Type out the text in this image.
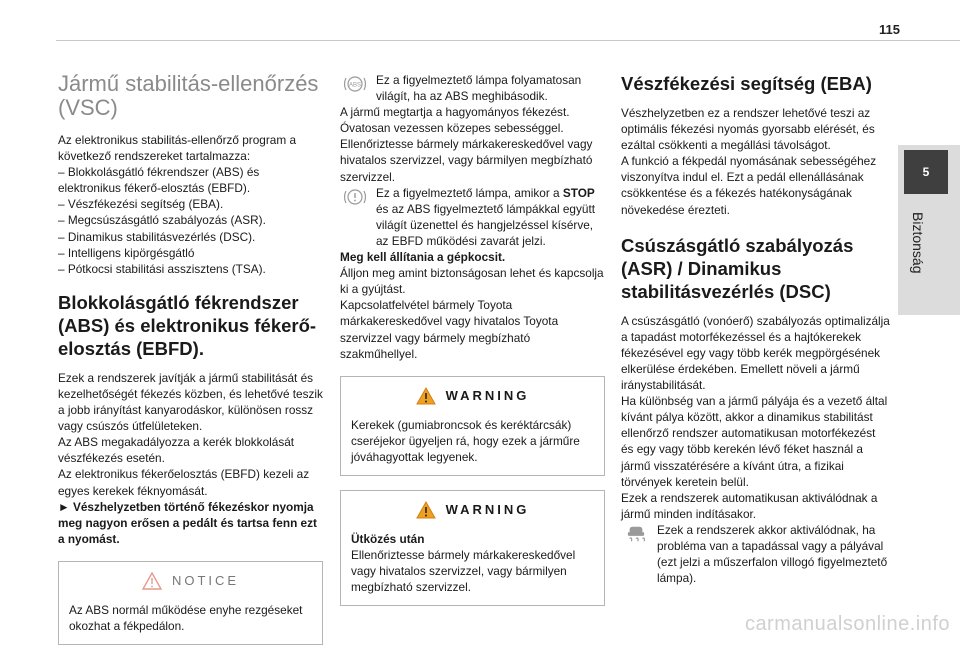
115
5
Biztonság
Jármű stabilitás-ellenőrzés (VSC)

Az elektronikus stabilitás-ellenőrző program a következő rendszereket tartalmazza:

– Blokkolásgátló fékrendszer (ABS) és elektronikus fékerő-elosztás (EBFD).

– Vészfékezési segítség (EBA).

– Megcsúszásgátló szabályozás (ASR).

– Dinamikus stabilitásvezérlés (DSC).

– Intelligens kipörgésgátló

– Pótkocsi stabilitási asszisztens (TSA).

Blokkolásgátló fékrendszer (ABS) és elektronikus fékerő-elosztás (EBFD).

Ezek a rendszerek javítják a jármű stabilitását és kezelhetőségét fékezés közben, és lehetővé teszik a jobb irányítást kanyarodáskor, különösen rossz vagy csúszós útfelületeken.

Az ABS megakadályozza a kerék blokkolását vészfékezés esetén.

Az elektronikus fékerőelosztás (EBFD) kezeli az egyes kerekek féknyomását.

► Vészhelyzetben történő fékezéskor nyomja meg nagyon erősen a pedált és tartsa fenn ezt a nyomást.

NOTICE

Az ABS normál működése enyhe rezgéseket okozhat a fékpedálon.

ABS Ez a figyelmeztető lámpa folyamatosan világít, ha az ABS meghibásodik.

A jármű megtartja a hagyományos fékezést. Óvatosan vezessen közepes sebességgel.

Ellenőriztesse bármely márkakereskedővel vagy hivatalos szervizzel, vagy bármilyen megbízható szervizzel.

Ez a figyelmeztető lámpa, amikor a STOP és az ABS figyelmeztető lámpákkal együtt világít üzenettel és hangjelzéssel kísérve, az EBFD működési zavarát jelzi.

Meg kell állítania a gépkocsit.

Álljon meg amint biztonságosan lehet és kapcsolja ki a gyújtást.

Kapcsolatfelvétel bármely Toyota márkakereskedővel vagy hivatalos Toyota szervizzel vagy bármely megbízható szakműhellyel.

WARNING

Kerekek (gumiabroncsok és keréktárcsák) cseréjekor ügyeljen rá, hogy ezek a járműre jóváhagyottak legyenek.

WARNING

Ütközés után

Ellenőriztesse bármely márkakereskedővel vagy hivatalos szervizzel, vagy bármilyen megbízható szervizzel.

Vészfékezési segítség (EBA)

Vészhelyzetben ez a rendszer lehetővé teszi az optimális fékezési nyomás gyorsabb elérését, és ezáltal csökkenti a megállási távolságot.

A funkció a fékpedál nyomásának sebességéhez viszonyítva indul el. Ezt a pedál ellenállásának csökkentése és a fékezés hatékonyságának növekedése érezteti.

Csúszásgátló szabályozás (ASR) / Dinamikus stabilitásvezérlés (DSC)

A csúszásgátló (vonóerő) szabályozás optimalizálja a tapadást motorfékezéssel és a hajtókerekek fékezésével egy vagy több kerék megpörgésének elkerülése érdekében. Emellett növeli a jármű iránystabilitását.

Ha különbség van a jármű pályája és a vezető által kívánt pálya között, akkor a dinamikus stabilitást ellenőrző rendszer automatikusan motorfékezést és egy vagy több kerekén lévő féket használ a jármű visszatérésére a kívánt útra, a fizikai törvények keretein belül.

Ezek a rendszerek automatikusan aktiválódnak a jármű minden indításakor.

Ezek a rendszerek akkor aktiválódnak, ha probléma van a tapadással vagy a pályával (ezt jelzi a műszerfalon villogó figyelmeztető lámpa).

carmanualsonline.info
